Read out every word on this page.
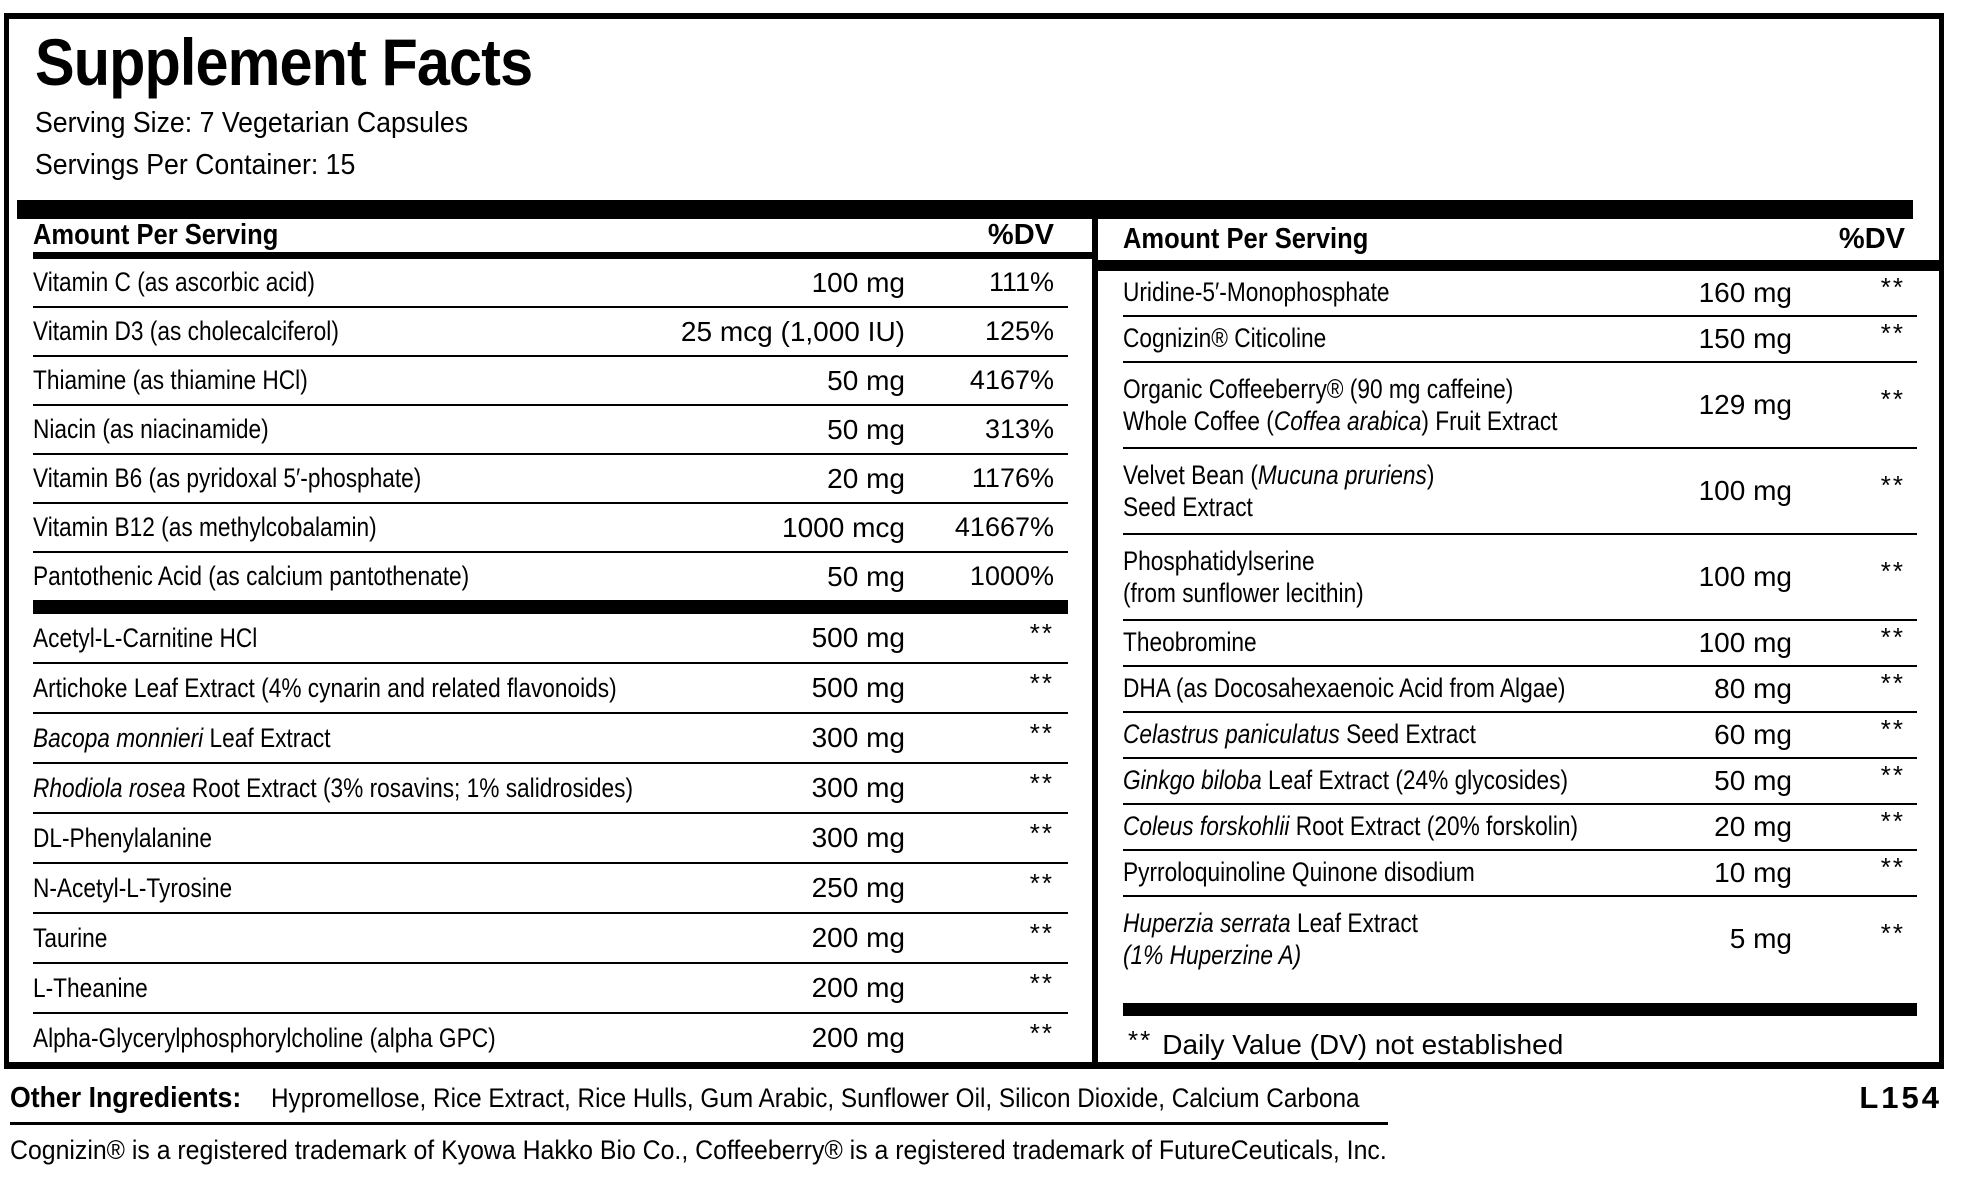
Supplement Facts
Serving Size: 7 Vegetarian Capsules
Servings Per Container: 15
Amount Per Serving	%DV
Vitamin C (as ascorbic acid)	100 mg	111%
Vitamin D3 (as cholecalciferol)	25 mcg (1,000 IU)	125%
Thiamine (as thiamine HCl)	50 mg	4167%
Niacin (as niacinamide)	50 mg	313%
Vitamin B6 (as pyridoxal 5′-phosphate)	20 mg	1176%
Vitamin B12 (as methylcobalamin)	1000 mcg	41667%
Pantothenic Acid (as calcium pantothenate)	50 mg	1000%
Acetyl-L-Carnitine HCl	500 mg	**
Artichoke Leaf Extract (4% cynarin and related flavonoids)	500 mg	**
Bacopa monnieri Leaf Extract	300 mg	**
Rhodiola rosea Root Extract (3% rosavins; 1% salidrosides)	300 mg	**
DL-Phenylalanine	300 mg	**
N-Acetyl-L-Tyrosine	250 mg	**
Taurine	200 mg	**
L-Theanine	200 mg	**
Alpha-Glycerylphosphorylcholine (alpha GPC)	200 mg	**
Amount Per Serving	%DV
Uridine-5′-Monophosphate	160 mg	**
Cognizin® Citicoline	150 mg	**
Organic Coffeeberry® (90 mg caffeine)
Whole Coffee (Coffea arabica) Fruit Extract
129 mg	**
Velvet Bean (Mucuna pruriens)
Seed Extract
100 mg	**
Phosphatidylserine
(from sunflower lecithin)
100 mg	**
Theobromine	100 mg	**
DHA (as Docosahexaenoic Acid from Algae)	80 mg	**
Celastrus paniculatus Seed Extract	60 mg	**
Ginkgo biloba Leaf Extract (24% glycosides)	50 mg	**
Coleus forskohlii Root Extract (20% forskolin)	20 mg	**
Pyrroloquinoline Quinone disodium	10 mg	**
Huperzia serrata Leaf Extract
(1% Huperzine A)
5 mg	**
** Daily Value (DV) not established
Other Ingredients: Hypromellose, Rice Extract, Rice Hulls, Gum Arabic, Sunflower Oil, Silicon Dioxide, Calcium Carbona	L154
Cognizin® is a registered trademark of Kyowa Hakko Bio Co., Coffeeberry® is a registered trademark of FutureCeuticals, Inc.
